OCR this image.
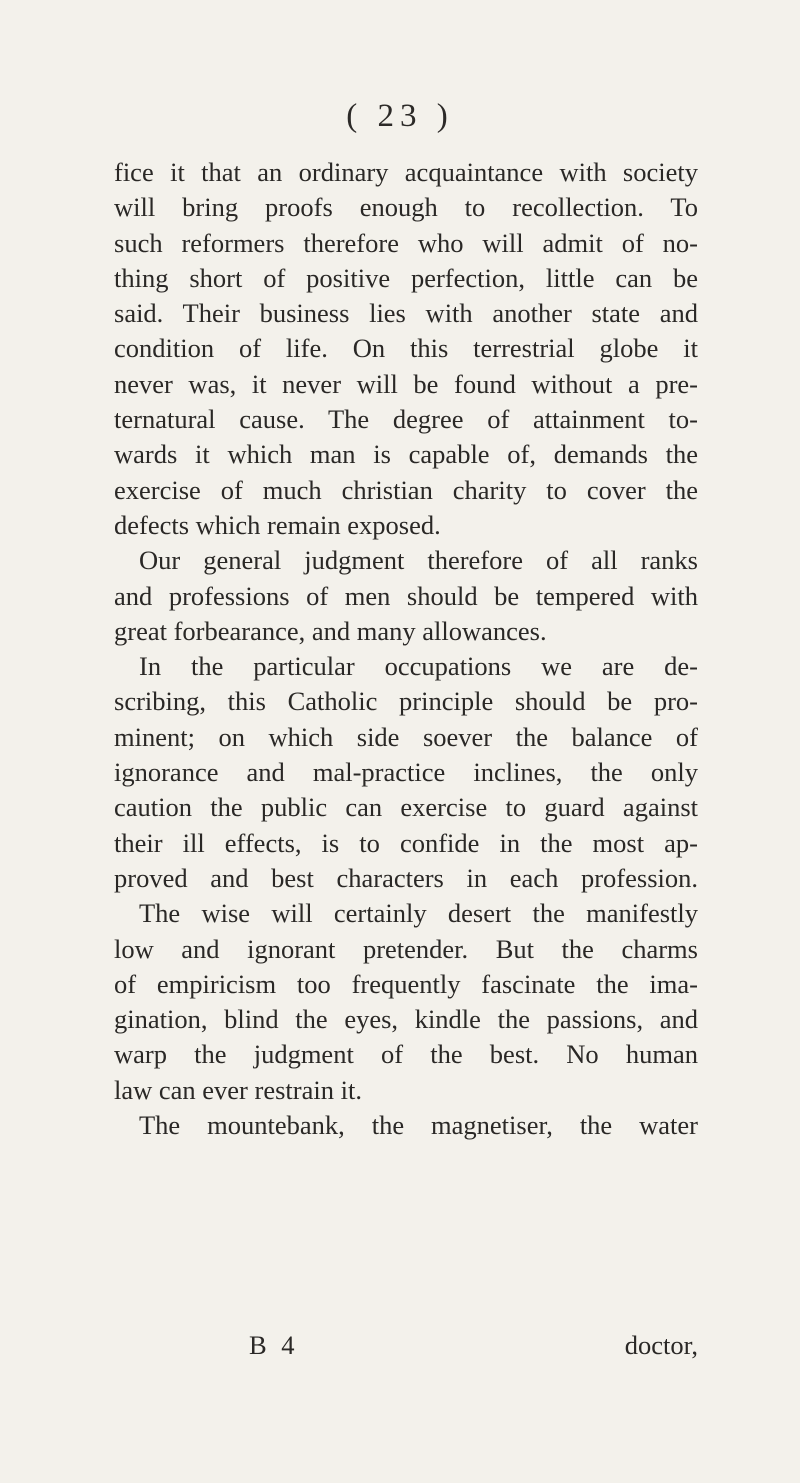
( 23 )
fice it that an ordinary acquaintance with society
will bring proofs enough to recollection. To
such reformers therefore who will admit of no-
thing short of positive perfection, little can be
said. Their business lies with another state and
condition of life. On this terrestrial globe it
never was, it never will be found without a pre-
ternatural cause. The degree of attainment to-
wards it which man is capable of, demands the
exercise of much christian charity to cover the
defects which remain exposed.
Our general judgment therefore of all ranks
and professions of men should be tempered with
great forbearance, and many allowances.
In the particular occupations we are de-
scribing, this Catholic principle should be pro-
minent; on which side soever the balance of
ignorance and mal-practice inclines, the only
caution the public can exercise to guard against
their ill effects, is to confide in the most ap-
proved and best characters in each profession.
The wise will certainly desert the manifestly
low and ignorant pretender. But the charms
of empiricism too frequently fascinate the ima-
gination, blind the eyes, kindle the passions, and
warp the judgment of the best. No human
law can ever restrain it.
The mountebank, the magnetiser, the water
B 4	doctor,
